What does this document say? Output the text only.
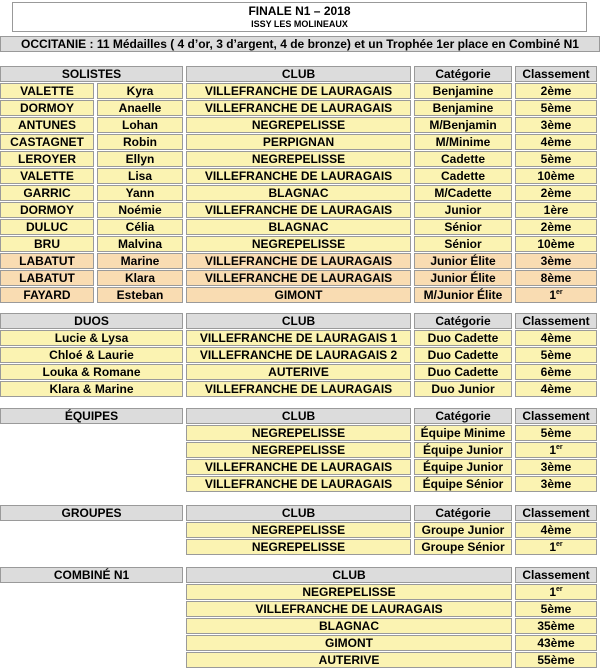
FINALE N1 – 2018
ISSY LES MOLINEAUX
OCCITANIE : 11 Médailles ( 4 d’or, 3 d’argent, 4 de bronze) et un Trophée 1er place en Combiné N1
SOLISTES	CLUB	Catégorie	Classement
VALETTE	Kyra	VILLEFRANCHE DE LAURAGAIS	Benjamine	2ème
DORMOY	Anaelle	VILLEFRANCHE DE LAURAGAIS	Benjamine	5ème
ANTUNES	Lohan	NEGREPELISSE	M/Benjamin	3ème
CASTAGNET	Robin	PERPIGNAN	M/Minime	4ème
LEROYER	Ellyn	NEGREPELISSE	Cadette	5ème
VALETTE	Lisa	VILLEFRANCHE DE LAURAGAIS	Cadette	10ème
GARRIC	Yann	BLAGNAC	M/Cadette	2ème
DORMOY	Noémie	VILLEFRANCHE DE LAURAGAIS	Junior	1ère
DULUC	Célia	BLAGNAC	Sénior	2ème
BRU	Malvina	NEGREPELISSE	Sénior	10ème
LABATUT	Marine	VILLEFRANCHE DE LAURAGAIS	Junior Élite	3ème
LABATUT	Klara	VILLEFRANCHE DE LAURAGAIS	Junior Élite	8ème
FAYARD	Esteban	GIMONT	M/Junior Élite	1er
DUOS	CLUB	Catégorie	Classement
Lucie & Lysa	VILLEFRANCHE DE LAURAGAIS 1	Duo Cadette	4ème
Chloé & Laurie	VILLEFRANCHE DE LAURAGAIS 2	Duo Cadette	5ème
Louka & Romane	AUTERIVE	Duo Cadette	6ème
Klara & Marine	VILLEFRANCHE DE LAURAGAIS	Duo Junior	4ème
ÉQUIPES	CLUB	Catégorie	Classement
NEGREPELISSE	Équipe Minime	5ème
NEGREPELISSE	Équipe Junior	1er
VILLEFRANCHE DE LAURAGAIS	Équipe Junior	3ème
VILLEFRANCHE DE LAURAGAIS	Équipe Sénior	3ème
GROUPES	CLUB	Catégorie	Classement
NEGREPELISSE	Groupe Junior	4ème
NEGREPELISSE	Groupe Sénior	1er
COMBINÉ N1	CLUB	Classement
NEGREPELISSE	1er
VILLEFRANCHE DE LAURAGAIS	5ème
BLAGNAC	35ème
GIMONT	43ème
AUTERIVE	55ème
